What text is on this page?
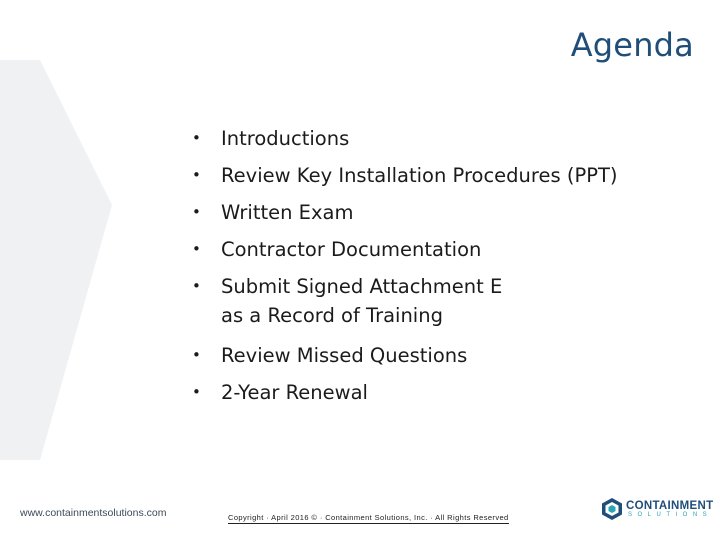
Agenda
• Introductions
• Review Key Installation Procedures (PPT)
• Written Exam
• Contractor Documentation
• Submit Signed Attachment E
as a Record of Training
• Review Missed Questions
• 2-Year Renewal
www.containmentsolutions.com	Copyright · April 2016 © · Containment Solutions, Inc. · All Rights Reserved
CONTAINMENT
SOLUTIONS
